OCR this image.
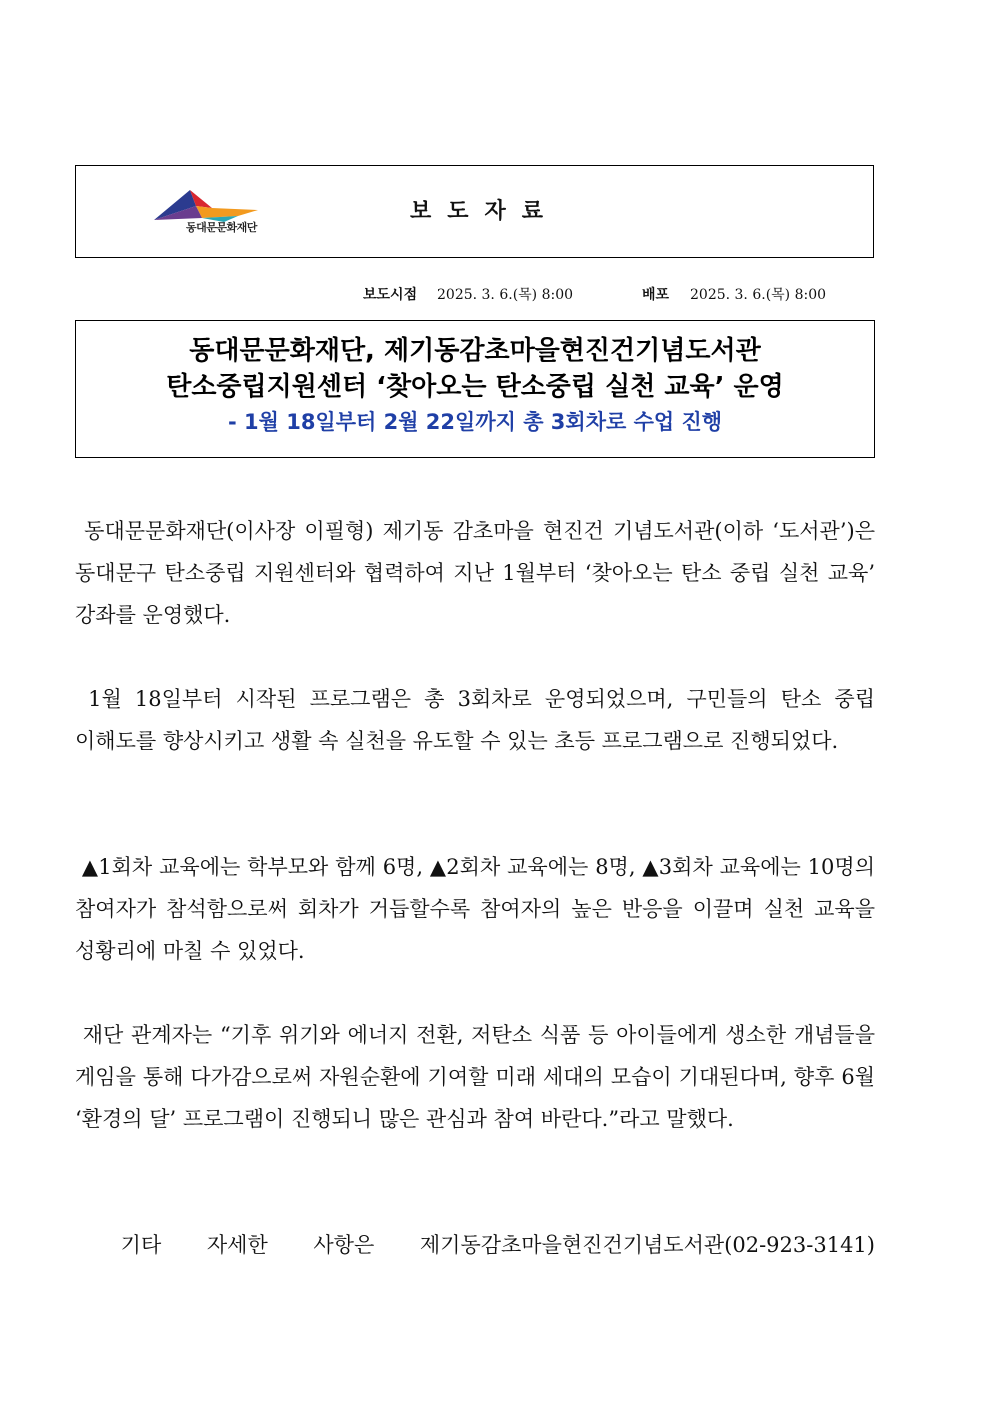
동대문문화재단
보도자료
보도시점 2025. 3. 6.(목) 8:00	배포 2025. 3. 6.(목) 8:00
동대문문화재단, 제기동감초마을현진건기념도서관
탄소중립지원센터 ‘찾아오는 탄소중립 실천 교육’ 운영
- 1월 18일부터 2월 22일까지 총 3회차로 수업 진행
동대문문화재단(이사장 이필형) 제기동 감초마을 현진건 기념도서관(이하 ‘도서관’)은 동대문구 탄소중립 지원센터와 협력하여 지난 1월부터 ‘찾아오는 탄소 중립 실천 교육’ 강좌를 운영했다.
1월 18일부터 시작된 프로그램은 총 3회차로 운영되었으며, 구민들의 탄소 중립 이해도를 향상시키고 생활 속 실천을 유도할 수 있는 초등 프로그램으로 진행되었다.
▲1회차 교육에는 학부모와 함께 6명, ▲2회차 교육에는 8명, ▲3회차 교육에는 10명의 참여자가 참석함으로써 회차가 거듭할수록 참여자의 높은 반응을 이끌며 실천 교육을 성황리에 마칠 수 있었다.
재단 관계자는 “기후 위기와 에너지 전환, 저탄소 식품 등 아이들에게 생소한 개념들을 게임을 통해 다가감으로써 자원순환에 기여할 미래 세대의 모습이 기대된다며, 향후 6월 ‘환경의 달’ 프로그램이 진행되니 많은 관심과 참여 바란다.”라고 말했다.
기타 자세한 사항은 제기동감초마을현진건기념도서관(02-923-3141)
